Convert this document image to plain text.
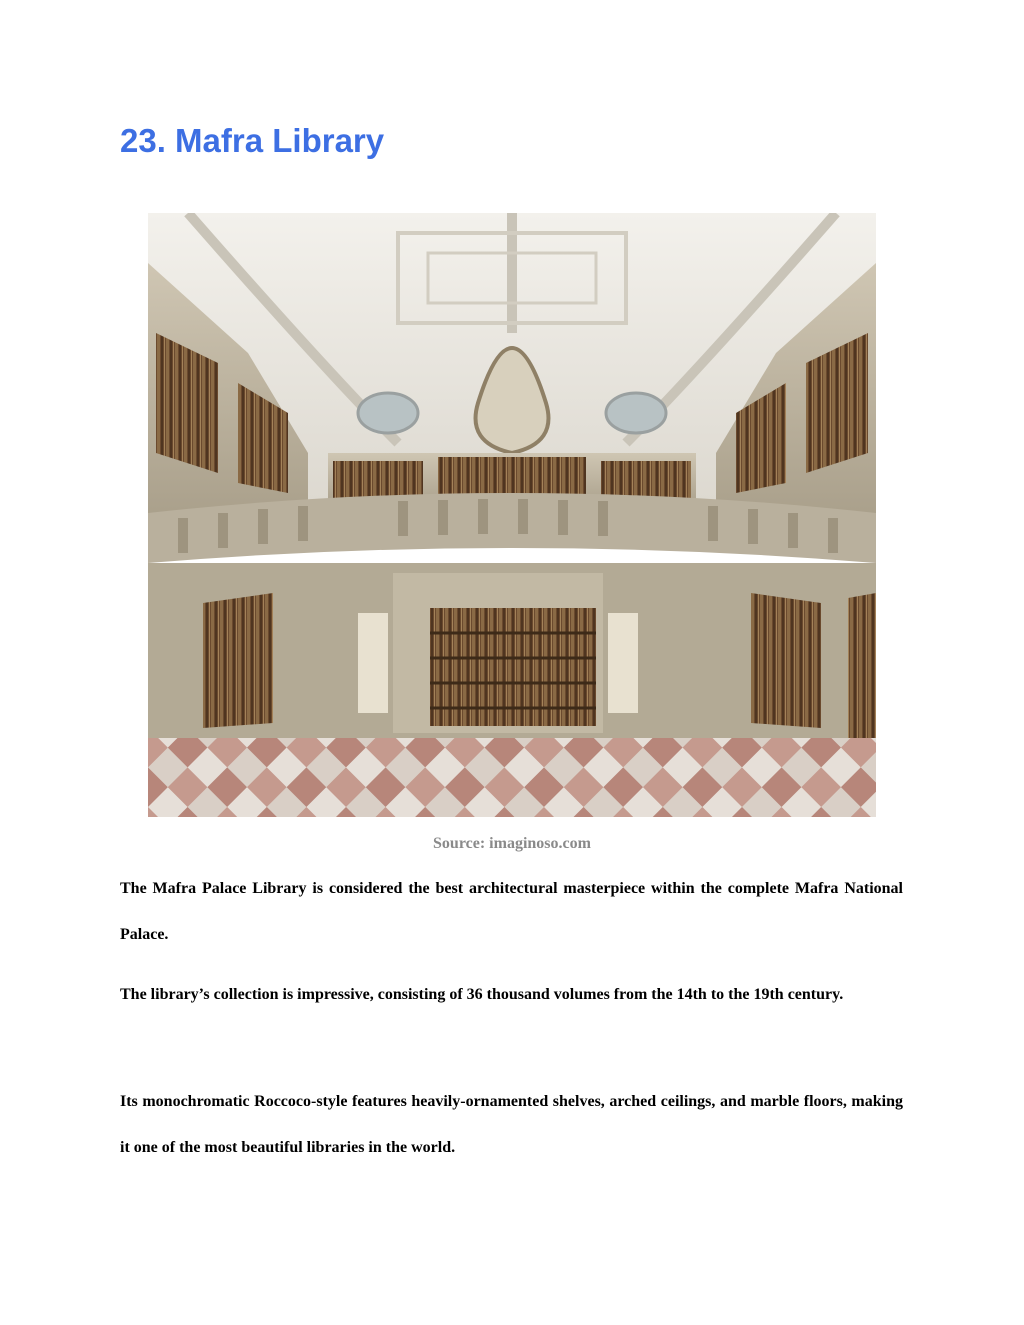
23. Mafra Library
Source: imaginoso.com

The Mafra Palace Library is considered the best architectural masterpiece within the complete Mafra National Palace.

The library’s collection is impressive, consisting of 36 thousand volumes from the 14th to the 19th century.

Its monochromatic Roccoco-style features heavily-ornamented shelves, arched ceilings, and marble floors, making it one of the most beautiful libraries in the world.
